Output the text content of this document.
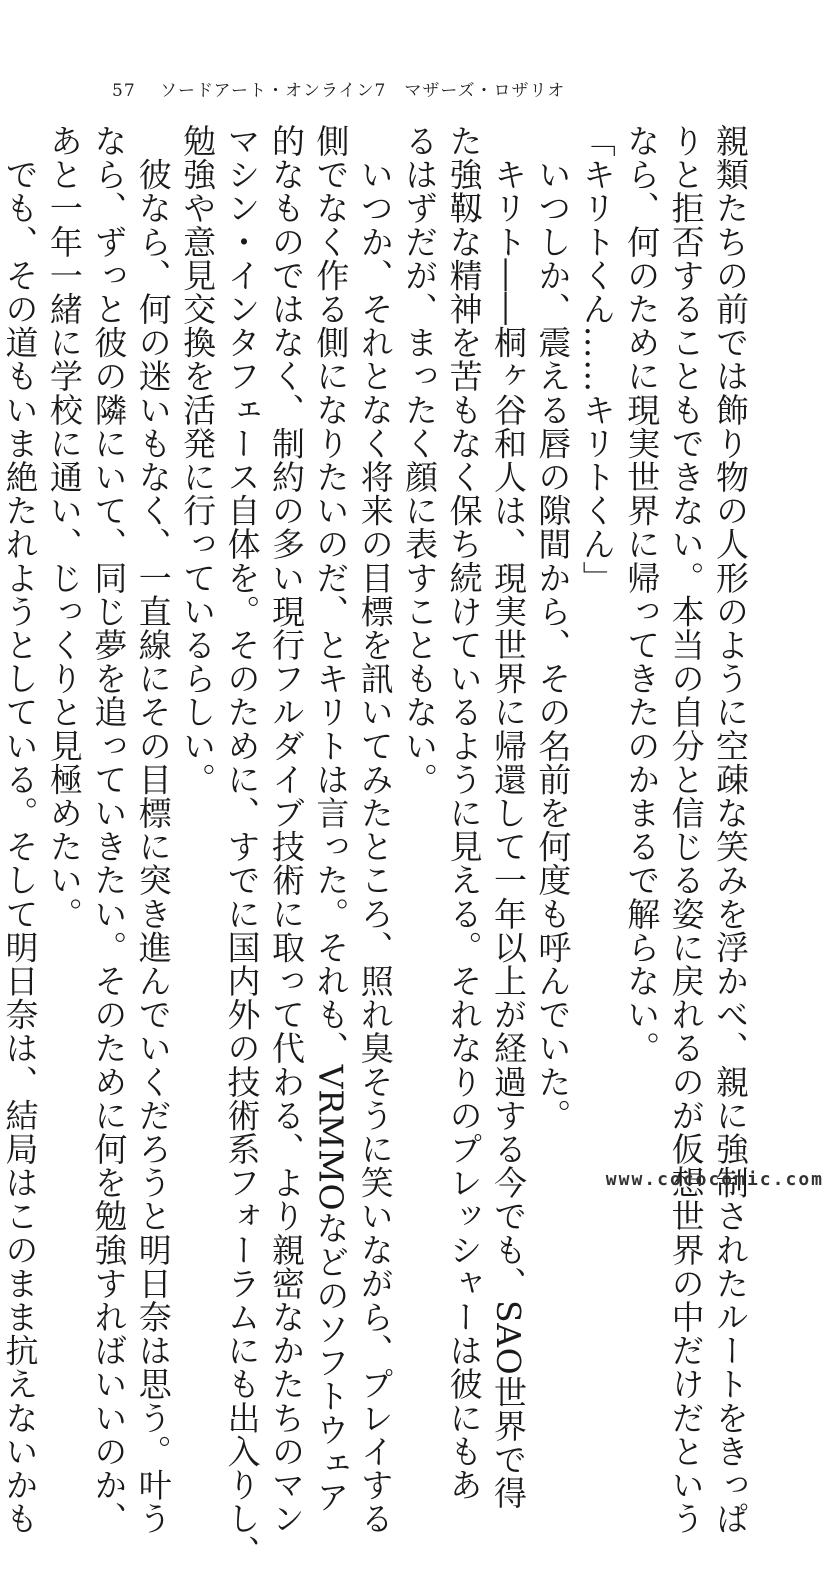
57 ソードアート・オンライン7　マザーズ・ロザリオ
親類たちの前では飾り物の人形のように空疎な笑みを浮かべ、親に強制されたルートをきっぱ
りと拒否することもできない。本当の自分と信じる姿に戻れるのが仮想世界の中だけだという
なら、何のために現実世界に帰ってきたのかまるで解らない。
「キリトくん……キリトくん」
　いつしか、震える唇の隙間から、その名前を何度も呼んでいた。
　キリト――桐ヶ谷和人は、現実世界に帰還して一年以上が経過する今でも、SAO世界で得
た強靱な精神を苦もなく保ち続けているように見える。それなりのプレッシャーは彼にもあ
るはずだが、まったく顔に表すこともない。
　いつか、それとなく将来の目標を訊いてみたところ、照れ臭そうに笑いながら、プレイする
側でなく作る側になりたいのだ、とキリトは言った。それも、VRMMOなどのソフトウェア
的なものではなく、制約の多い現行フルダイブ技術に取って代わる、より親密なかたちのマン
マシン・インタフェース自体を。そのために、すでに国内外の技術系フォーラムにも出入りし、
勉強や意見交換を活発に行っているらしい。
　彼なら、何の迷いもなく、一直線にその目標に突き進んでいくだろうと明日奈は思う。叶う
なら、ずっと彼の隣にいて、同じ夢を追っていきたい。そのために何を勉強すればいいのか、
あと一年一緒に学校に通い、じっくりと見極めたい。
　でも、その道もいま絶たれようとしている。そして明日奈は、結局はこのまま抗えないかも	www.cococomic.com
